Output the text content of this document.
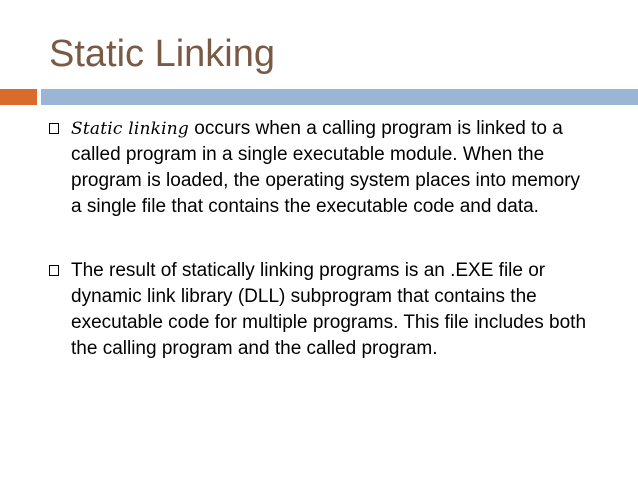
Static Linking
Static linking occurs when a calling program is linked to a called program in a single executable module. When the program is loaded, the operating system places into memory a single file that contains the executable code and data.
The result of statically linking programs is an .EXE file or dynamic link library (DLL) subprogram that contains the executable code for multiple programs. This file includes both the calling program and the called program.
